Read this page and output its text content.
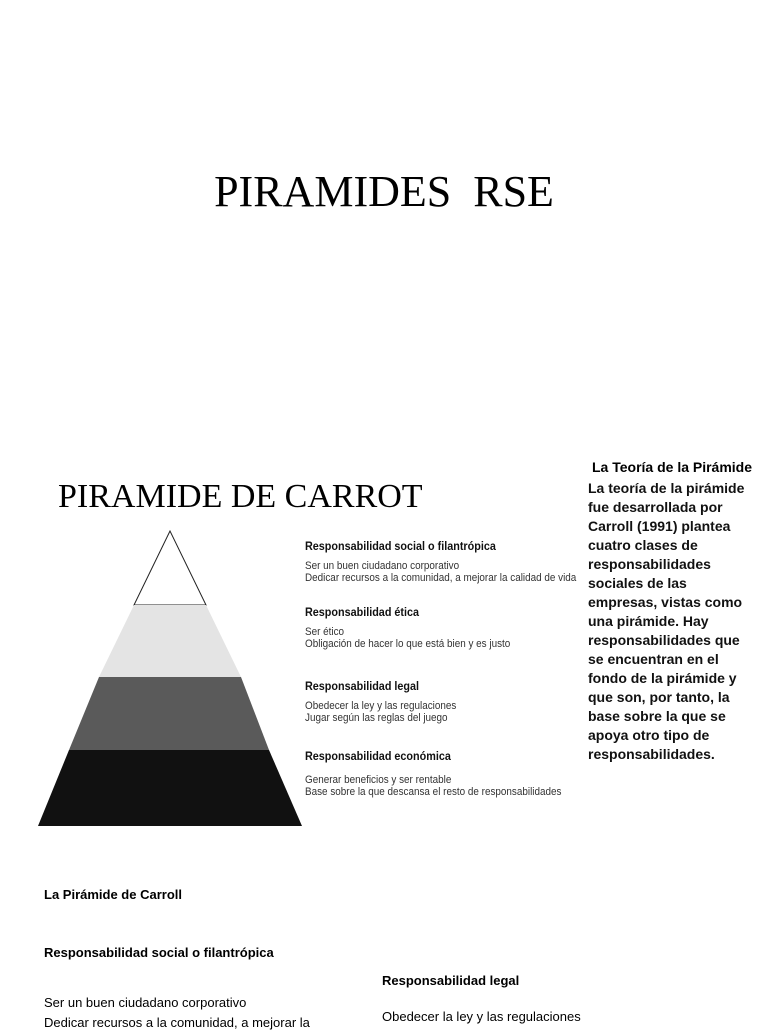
PIRAMIDES  RSE
PIRAMIDE DE CARROT
Responsabilidad social o filantrópica
Ser un buen ciudadano corporativo
Dedicar recursos a la comunidad, a mejorar la calidad de vida
Responsabilidad ética
Ser ético
Obligación de hacer lo que está bien y es justo
Responsabilidad legal
Obedecer la ley y las regulaciones
Jugar según las reglas del juego
Responsabilidad económica
Generar beneficios y ser rentable
Base sobre la que descansa el resto de responsabilidades
La Teoría de la Pirámide
La teoría de la pirámide fue desarrollada por Carroll (1991) plantea cuatro clases de responsabilidades sociales de las empresas, vistas como una pirámide. Hay responsabilidades que se encuentran en el fondo de la pirámide y que son, por tanto, la base sobre la que se apoya otro tipo de responsabilidades.
La Pirámide de Carroll
Responsabilidad social o filantrópica
Ser un buen ciudadano corporativo
Dedicar recursos a la comunidad, a mejorar la
Responsabilidad legal
Obedecer la ley y las regulaciones
